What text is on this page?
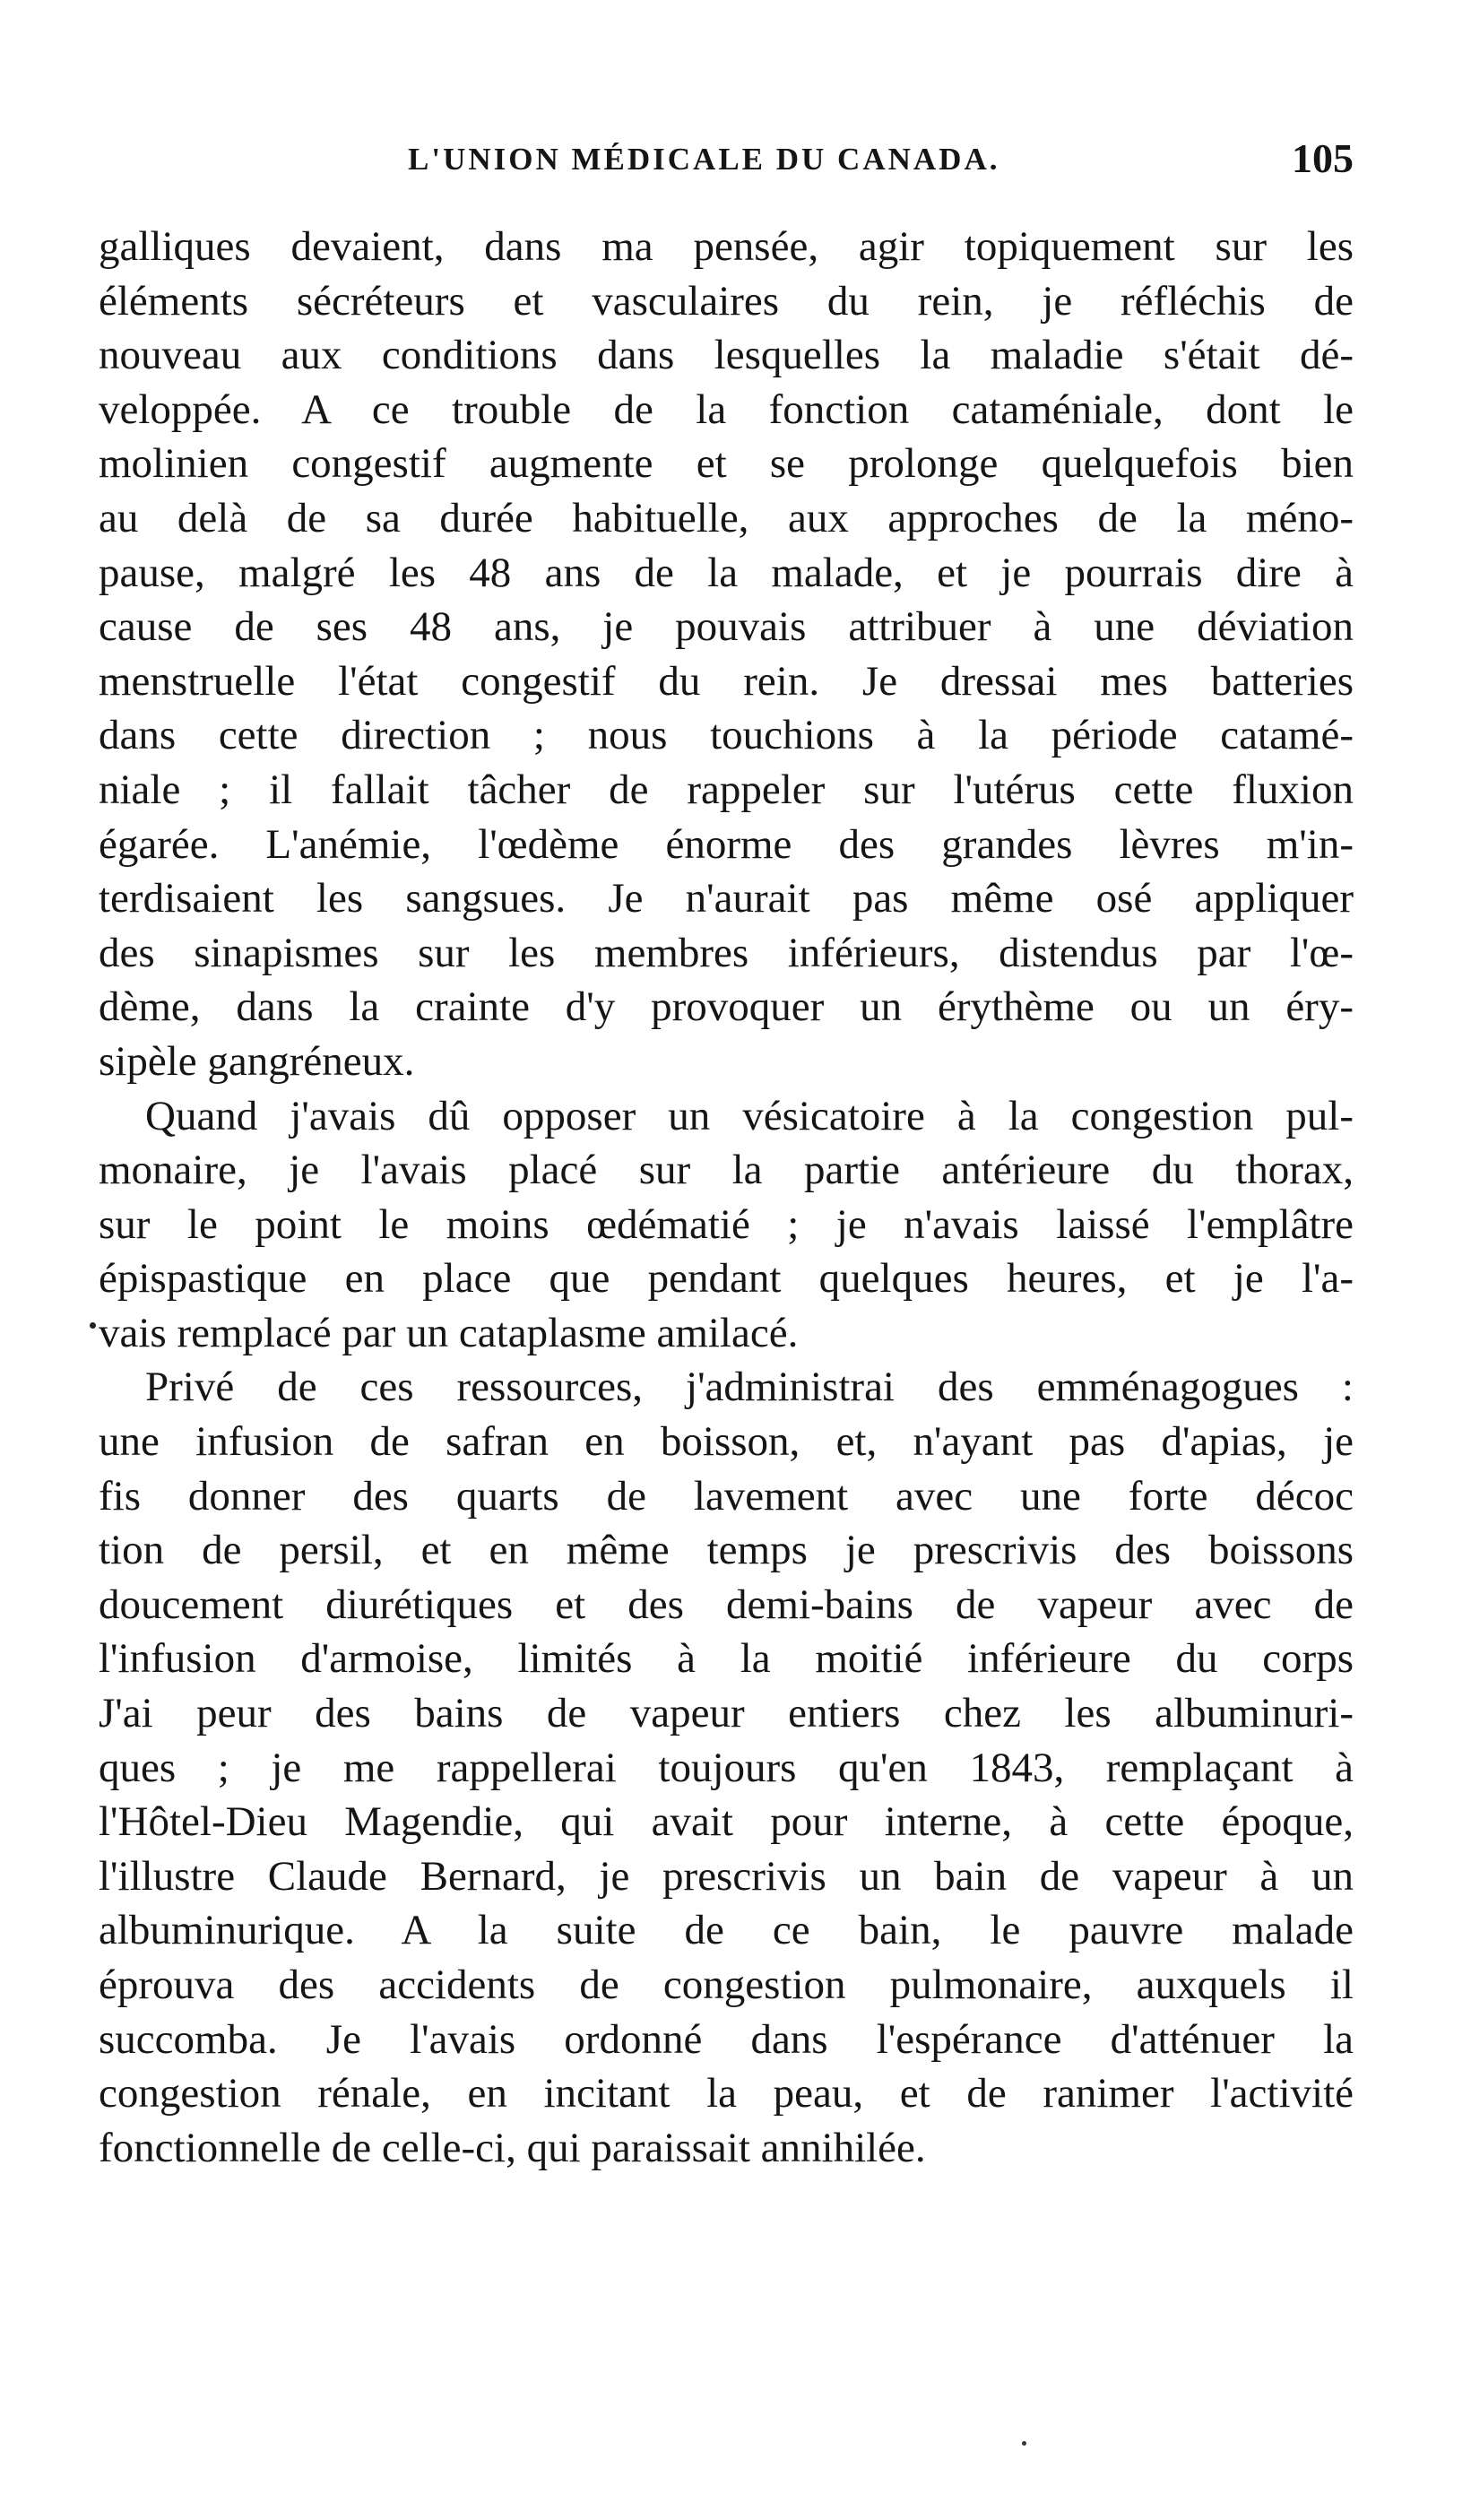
L'UNION MÉDICALE DU CANADA.	105
galliques devaient, dans ma pensée, agir topiquement sur les
éléments sécréteurs et vasculaires du rein, je réfléchis de
nouveau aux conditions dans lesquelles la maladie s'était dé-
veloppée. A ce trouble de la fonction cataméniale, dont le
molinien congestif augmente et se prolonge quelquefois bien
au delà de sa durée habituelle, aux approches de la méno-
pause, malgré les 48 ans de la malade, et je pourrais dire à
cause de ses 48 ans, je pouvais attribuer à une déviation
menstruelle l'état congestif du rein. Je dressai mes batteries
dans cette direction ; nous touchions à la période catamé-
niale ; il fallait tâcher de rappeler sur l'utérus cette fluxion
égarée. L'anémie, l'œdème énorme des grandes lèvres m'in-
terdisaient les sangsues. Je n'aurait pas même osé appliquer
des sinapismes sur les membres inférieurs, distendus par l'œ-
dème, dans la crainte d'y provoquer un érythème ou un éry-
sipèle gangréneux.
Quand j'avais dû opposer un vésicatoire à la congestion pul-
monaire, je l'avais placé sur la partie antérieure du thorax,
sur le point le moins œdématié ; je n'avais laissé l'emplâtre
épispastique en place que pendant quelques heures, et je l'a-
vais remplacé par un cataplasme amilacé.
Privé de ces ressources, j'administrai des emménagogues :
une infusion de safran en boisson, et, n'ayant pas d'apias, je
fis donner des quarts de lavement avec une forte décoc
tion de persil, et en même temps je prescrivis des boissons
doucement diurétiques et des demi-bains de vapeur avec de
l'infusion d'armoise, limités à la moitié inférieure du corps
J'ai peur des bains de vapeur entiers chez les albuminuri-
ques ; je me rappellerai toujours qu'en 1843, remplaçant à
l'Hôtel-Dieu Magendie, qui avait pour interne, à cette époque,
l'illustre Claude Bernard, je prescrivis un bain de vapeur à un
albuminurique. A la suite de ce bain, le pauvre malade
éprouva des accidents de congestion pulmonaire, auxquels il
succomba. Je l'avais ordonné dans l'espérance d'atténuer la
congestion rénale, en incitant la peau, et de ranimer l'activité
fonctionnelle de celle-ci, qui paraissait annihilée.
